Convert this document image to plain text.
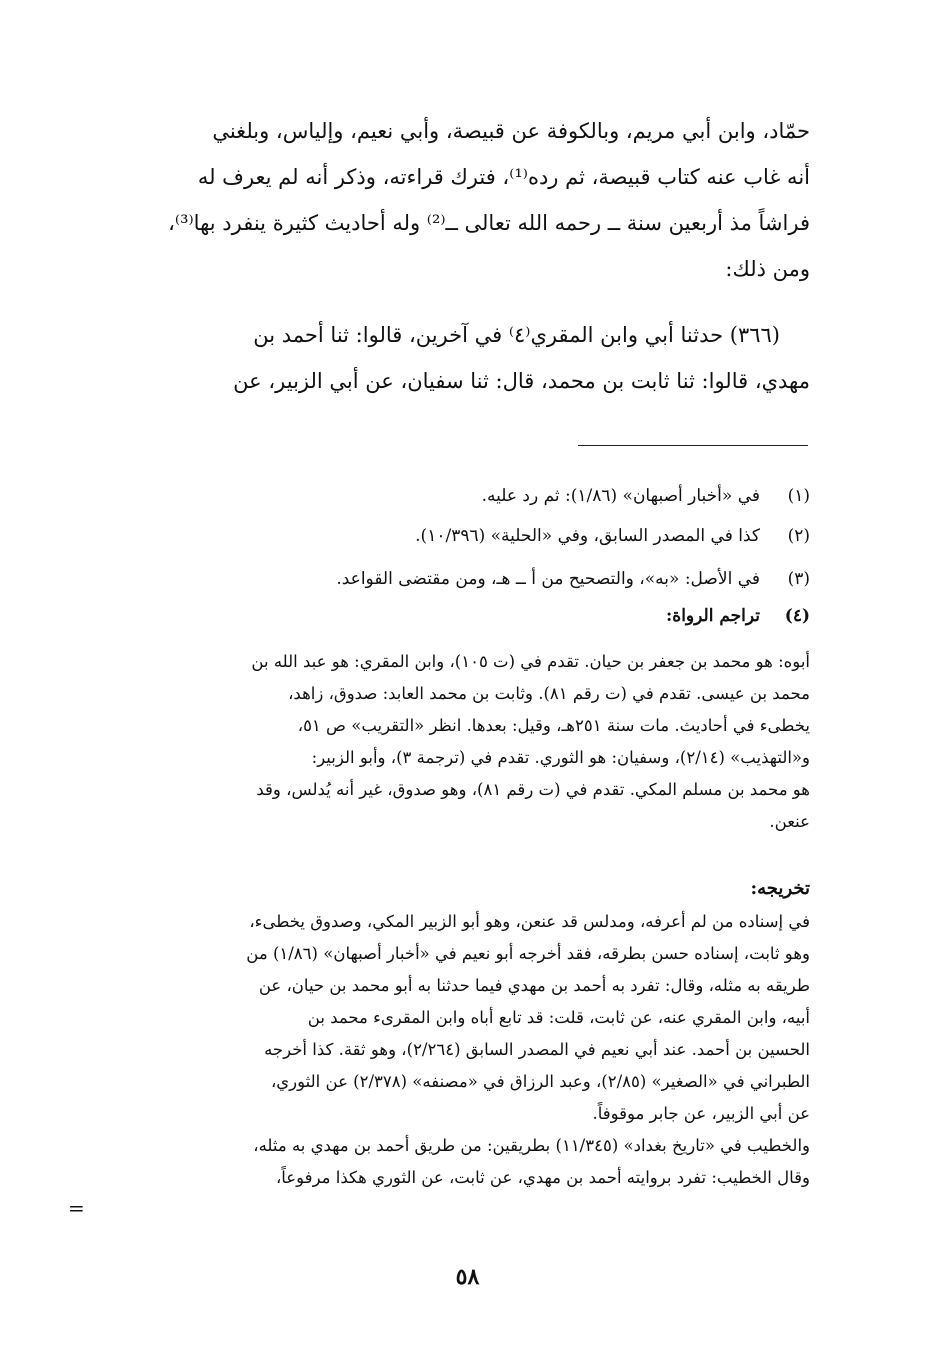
حمّاد، وابن أبي مريم، وبالكوفة عن قبيصة، وأبي نعيم، وإلياس، وبلغني
أنه غاب عنه كتاب قبيصة، ثم رده⁽¹⁾، فترك قراءته، وذكر أنه لم يعرف له
فراشاً مذ أربعين سنة ــ رحمه الله تعالى ــ⁽²⁾ وله أحاديث كثيرة ينفرد بها⁽³⁾،
ومن ذلك:
(٣٦٦) حدثنا أبي وابن المقري⁽٤⁾ في آخرين، قالوا: ثنا أحمد بن
مهدي، قالوا: ثنا ثابت بن محمد، قال: ثنا سفيان، عن أبي الزبير، عن
(١)في «أخبار أصبهان» (١/٨٦): ثم رد عليه.
(٢)كذا في المصدر السابق، وفي «الحلية» (١٠/٣٩٦).
(٣)في الأصل: «به»، والتصحيح من أ ــ هـ، ومن مقتضى القواعد.
(٤)تراجم الرواة:
أبوه: هو محمد بن جعفر بن حيان. تقدم في (ت ١٠٥)، وابن المقري: هو عبد الله بن
محمد بن عيسى. تقدم في (ت رقم ٨١). وثابت بن محمد العابد: صدوق، زاهد،
يخطىء في أحاديث. مات سنة ٢٥١هـ، وقيل: بعدها. انظر «التقريب» ص ٥١،
و«التهذيب» (٢/١٤)، وسفيان: هو الثوري. تقدم في (ترجمة ٣)، وأبو الزبير:
هو محمد بن مسلم المكي. تقدم في (ت رقم ٨١)، وهو صدوق، غير أنه يُدلس، وقد
عنعن.
تخريجه:
في إسناده من لم أعرفه، ومدلس قد عنعن، وهو أبو الزبير المكي، وصدوق يخطىء،
وهو ثابت، إسناده حسن بطرقه، فقد أخرجه أبو نعيم في «أخبار أصبهان» (١/٨٦) من
طريقه به مثله، وقال: تفرد به أحمد بن مهدي فيما حدثنا به أبو محمد بن حيان، عن
أبيه، وابن المقري عنه، عن ثابت، قلت: قد تابع أباه وابن المقرىء محمد بن
الحسين بن أحمد. عند أبي نعيم في المصدر السابق (٢/٢٦٤)، وهو ثقة. كذا أخرجه
الطبراني في «الصغير» (٢/٨٥)، وعبد الرزاق في «مصنفه» (٢/٣٧٨) عن الثوري،
عن أبي الزبير، عن جابر موقوفاً.
والخطيب في «تاريخ بغداد» (١١/٣٤٥) بطريقين: من طريق أحمد بن مهدي به مثله،
وقال الخطيب: تفرد بروايته أحمد بن مهدي، عن ثابت، عن الثوري هكذا مرفوعاً،
=
٥٨
